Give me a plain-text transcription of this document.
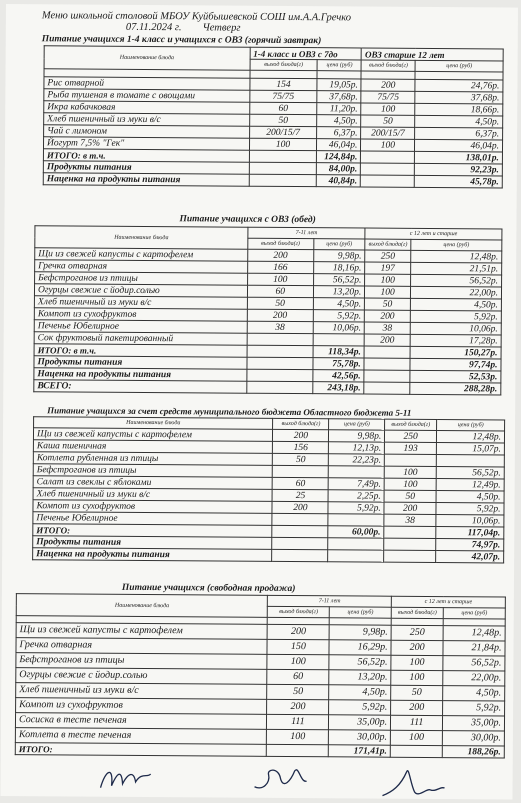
Меню школьной столовой МБОУ Куйбышевской СОШ им.А.А.Гречко
07.11.2024 г. Четверг
Питание учащихся 1-4 класс и учащихся с ОВЗ (горячий завтрак)
Наименование блюда	1-4 класс и ОВЗ с 7до		ОВЗ старше 12 лет	
	выход блюда(г)	цена (руб)	выход блюда(г)	цена (руб)

Рис отварной	154	19,05р.	200	24,76р.
Рыба тушеная в томате с овощами	75/75	37,68р.	75/75	37,68р.
Икра кабачковая	60	11,20р.	100	18,66р.
Хлеб пшеничный из муки в/с	50	4,50р.	50	4,50р.
Чай с лимоном	200/15/7	6,37р.	200/15/7	6,37р.
Йогурт 7,5% "Гек"	100	46,04р.	100	46,04р.
ИТОГО: в т.ч.		124,84р.		138,01р.
Продукты питания		84,00р.		92,23р.
Наценка на продукты питания		40,84р.		45,78р.
Питание учащихся с ОВЗ (обед)
Наименование блюда	7-11 лет		с 12 лет и старше	
	выход блюда(г)	цена (руб)	выход блюда(г)	цена (руб)
Щи из свежей капусты с картофелем	200	9,98р.	250	12,48р.
Гречка отварная	166	18,16р.	197	21,51р.
Бефстроганов из птицы	100	56,52р.	100	56,52р.
Огурцы свежие с йодир.солью	60	13,20р.	100	22,00р.
Хлеб пшеничный из муки в/с	50	4,50р.	50	4,50р.
Компот из сухофруктов	200	5,92р.	200	5,92р.
Печенье Юбелирное	38	10,06р.	38	10,06р.
Сок фруктовый пакетированный			200	17,28р.
ИТОГО: в т.ч.		118,34р.		150,27р.
Продукты питания		75,78р.		97,74р.
Наценка на продукты питания		42,56р.		52,53р.
ВСЕГО:		243,18р.		288,28р.
Питание учащихся за счет средств муниципального бюджета Областного бюджета 5-11
Наименование блюда	выход блюда(г)	цена (руб)	выход блюда(г)	цена (руб)
Щи из свежей капусты с картофелем	200	9,98р.	250	12,48р.
Каша пшеничная	156	12,13р.	193	15,07р.
Котлета рубленная из птицы	50	22,23р.		
Бефстроганов из птицы			100	56,52р.
Салат из свеклы с яблоками	60	7,49р.	100	12,49р.
Хлеб пшеничный из муки в/с	25	2,25р.	50	4,50р.
Компот из сухофруктов	200	5,92р.	200	5,92р.
Печенье Юбелирное			38	10,06р.
ИТОГО:		60,00р.		117,04р.
Продукты питания				74,97р.
Наценка на продукты питания				42,07р.
Питание учащихся (свободная продажа)
Наименование блюда	7-11 лет		с 12 лет и старше	
	выход блюда(г)	цена (руб)	выход блюда(г)	цена (руб)

Щи из свежей капусты с картофелем	200	9,98р.	250	12,48р.
Гречка отварная	150	16,29р.	200	21,84р.
Бефстроганов из птицы	100	56,52р.	100	56,52р.
Огурцы свежие с йодир.солью	60	13,20р.	100	22,00р.
Хлеб пшеничный из муки в/с	50	4,50р.	50	4,50р.
Компот из сухофруктов	200	5,92р.	200	5,92р.
Сосиска в тесте печеная	111	35,00р.	111	35,00р.
Котлета в тесте печеная	100	30,00р.	100	30,00р.
ИТОГО:		171,41р.		188,26р.
